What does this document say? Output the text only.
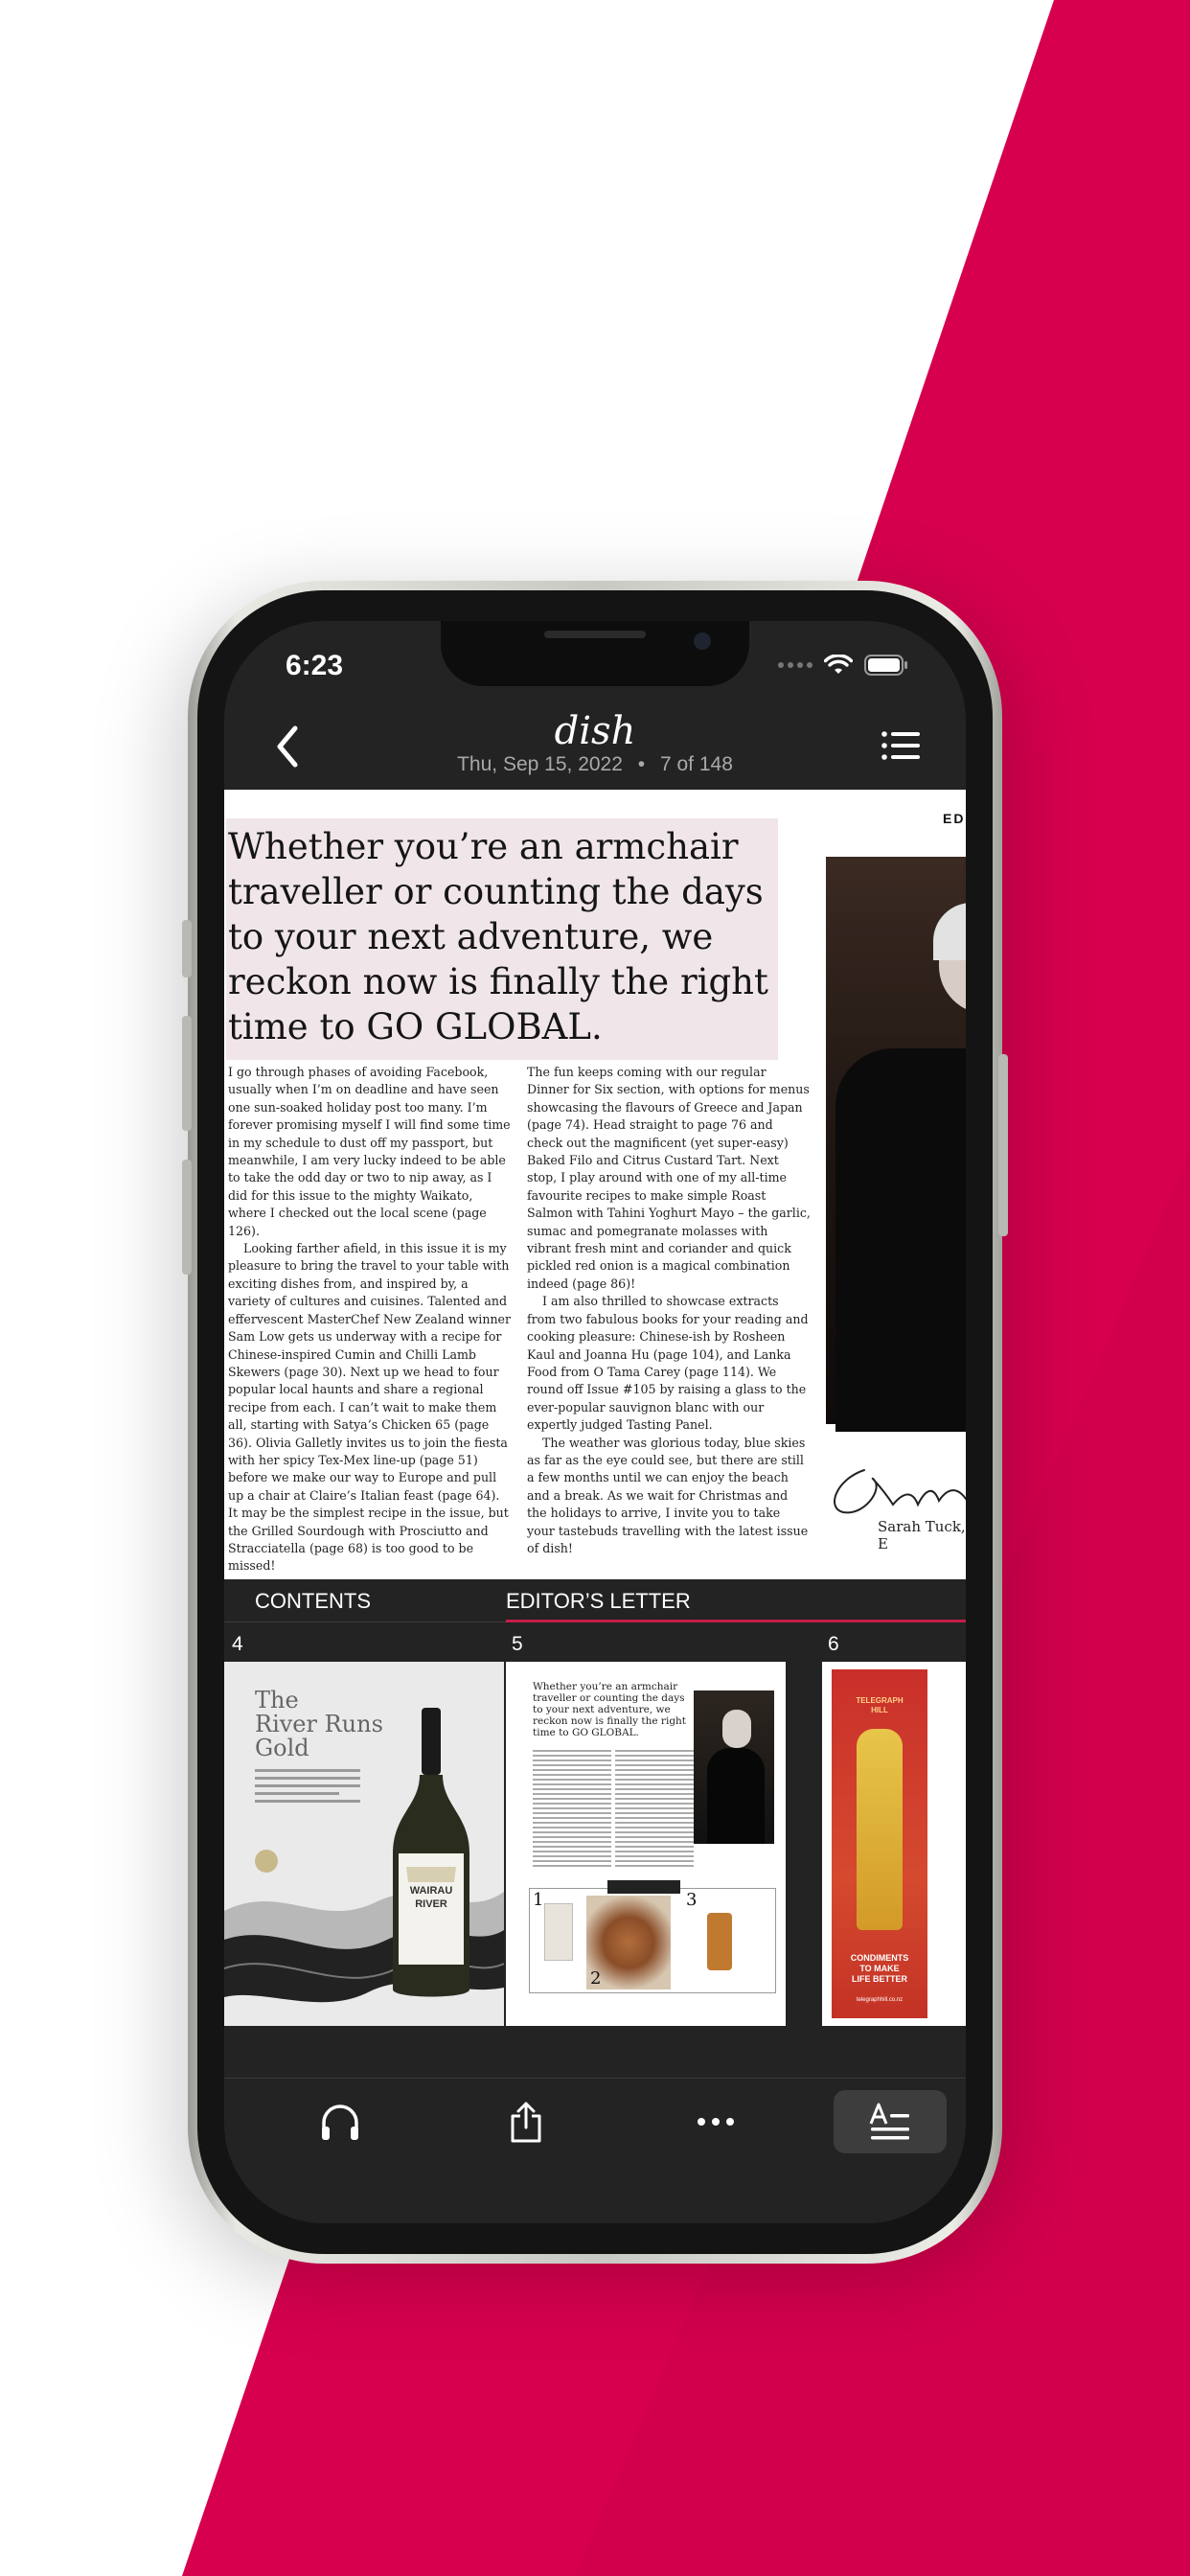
6:23
dish
Thu, Sep 15, 2022 • 7 of 148
Whether you’re an armchair traveller or counting the days to your next adventure, we reckon now is finally the right time to GO GLOBAL.

I go through phases of avoiding Facebook, usually when I’m on deadline and have seen one sun-soaked holiday post too many. I’m forever promising myself I will find some time in my schedule to dust off my passport, but meanwhile, I am very lucky indeed to be able to take the odd day or two to nip away, as I did for this issue to the mighty Waikato, where I checked out the local scene (page 126).

Looking farther afield, in this issue it is my pleasure to bring the travel to your table with exciting dishes from, and inspired by, a variety of cultures and cuisines. Talented and effervescent MasterChef New Zealand winner Sam Low gets us underway with a recipe for Chinese-inspired Cumin and Chilli Lamb Skewers (page 30). Next up we head to four popular local haunts and share a regional recipe from each. I can’t wait to make them all, starting with Satya’s Chicken 65 (page 36). Olivia Galletly invites us to join the fiesta with her spicy Tex-Mex line-up (page 51) before we make our way to Europe and pull up a chair at Claire’s Italian feast (page 64). It may be the simplest recipe in the issue, but the Grilled Sourdough with Prosciutto and Stracciatella (page 68) is too good to be missed!

The fun keeps coming with our regular Dinner for Six section, with options for menus showcasing the flavours of Greece and Japan (page 74). Head straight to page 76 and check out the magnificent (yet super-easy) Baked Filo and Citrus Custard Tart. Next stop, I play around with one of my all-time favourite recipes to make simple Roast Salmon with Tahini Yoghurt Mayo – the garlic, sumac and pomegranate molasses with vibrant fresh mint and coriander and quick pickled red onion is a magical combination indeed (page 86)!

I am also thrilled to showcase extracts from two fabulous books for your reading and cooking pleasure: Chinese-ish by Rosheen Kaul and Joanna Hu (page 104), and Lanka Food from O Tama Carey (page 114). We round off Issue #105 by raising a glass to the ever-popular sauvignon blanc with our expertly judged Tasting Panel.

The weather was glorious today, blue skies as far as the eye could see, but there are still a few months until we can enjoy the beach and a break. As we wait for Christmas and the holidays to arrive, I invite you to take your tastebuds travelling with the latest issue of dish!

ED
Sarah Tuck, E
CONTENTS	EDITOR’S LETTER
4	5	6
The
River Runs
Gold
WAIRAU
RIVER
Whether you’re an armchair traveller or counting the days to your next adventure, we reckon now is finally the right time to GO GLOBAL.
1
2
3
TELEGRAPH
HILL
CONDIMENTS
TO MAKE
LIFE BETTER
telegraphhill.co.nz
